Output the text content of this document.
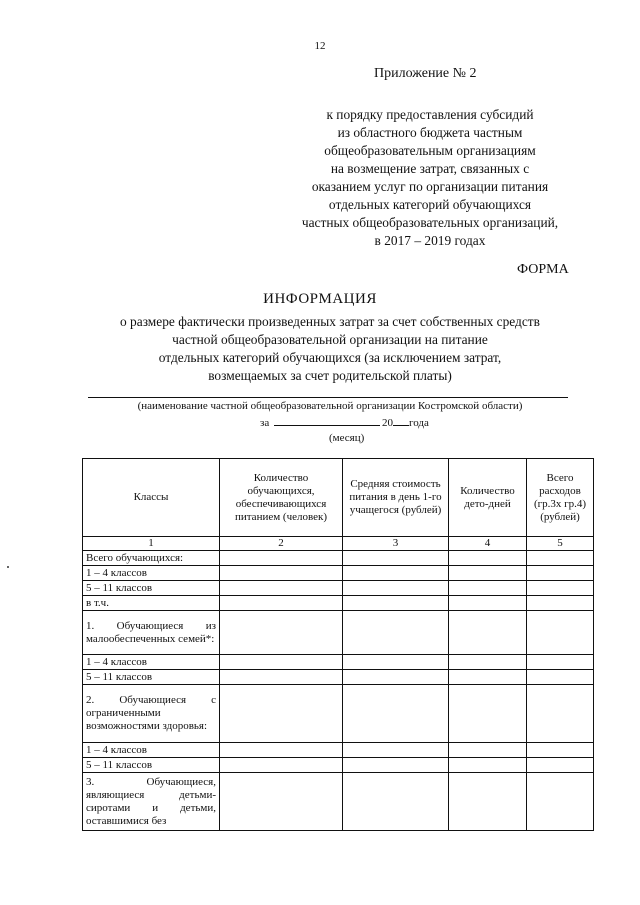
12
Приложение № 2
к порядку предоставления субсидий
из областного бюджета частным
общеобразовательным организациям
на возмещение затрат, связанных с
оказанием услуг по организации питания
отдельных категорий обучающихся
частных общеобразовательных организаций,
в 2017 – 2019 годах
ФОРМА
ИНФОРМАЦИЯ
о размере фактически произведенных затрат за счет собственных средств
частной общеобразовательной организации на питание
отдельных категорий обучающихся (за исключением затрат,
возмещаемых за счет родительской платы)
(наименование частной общеобразовательной организации Костромской области)
за	20 года
(месяц)
Классы	Количество обучающихся, обеспечивающихся питанием (человек)	Средняя стоимость питания в день 1-го учащегося (рублей)	Количество дето-дней	Всего расходов (гр.3х гр.4) (рублей)
1	2	3	4	5
Всего обучающихся:				
1 – 4 классов				
5 – 11 классов				
в т.ч.				
1. Обучающиеся из малообеспеченных семей*:				
1 – 4 классов				
5 – 11 классов				
2. Обучающиеся с ограниченными возможностями здоровья:				
1 – 4 классов				
5 – 11 классов				
3. Обучающиеся, являющиеся детьми-сиротами и детьми, оставшимися без				
